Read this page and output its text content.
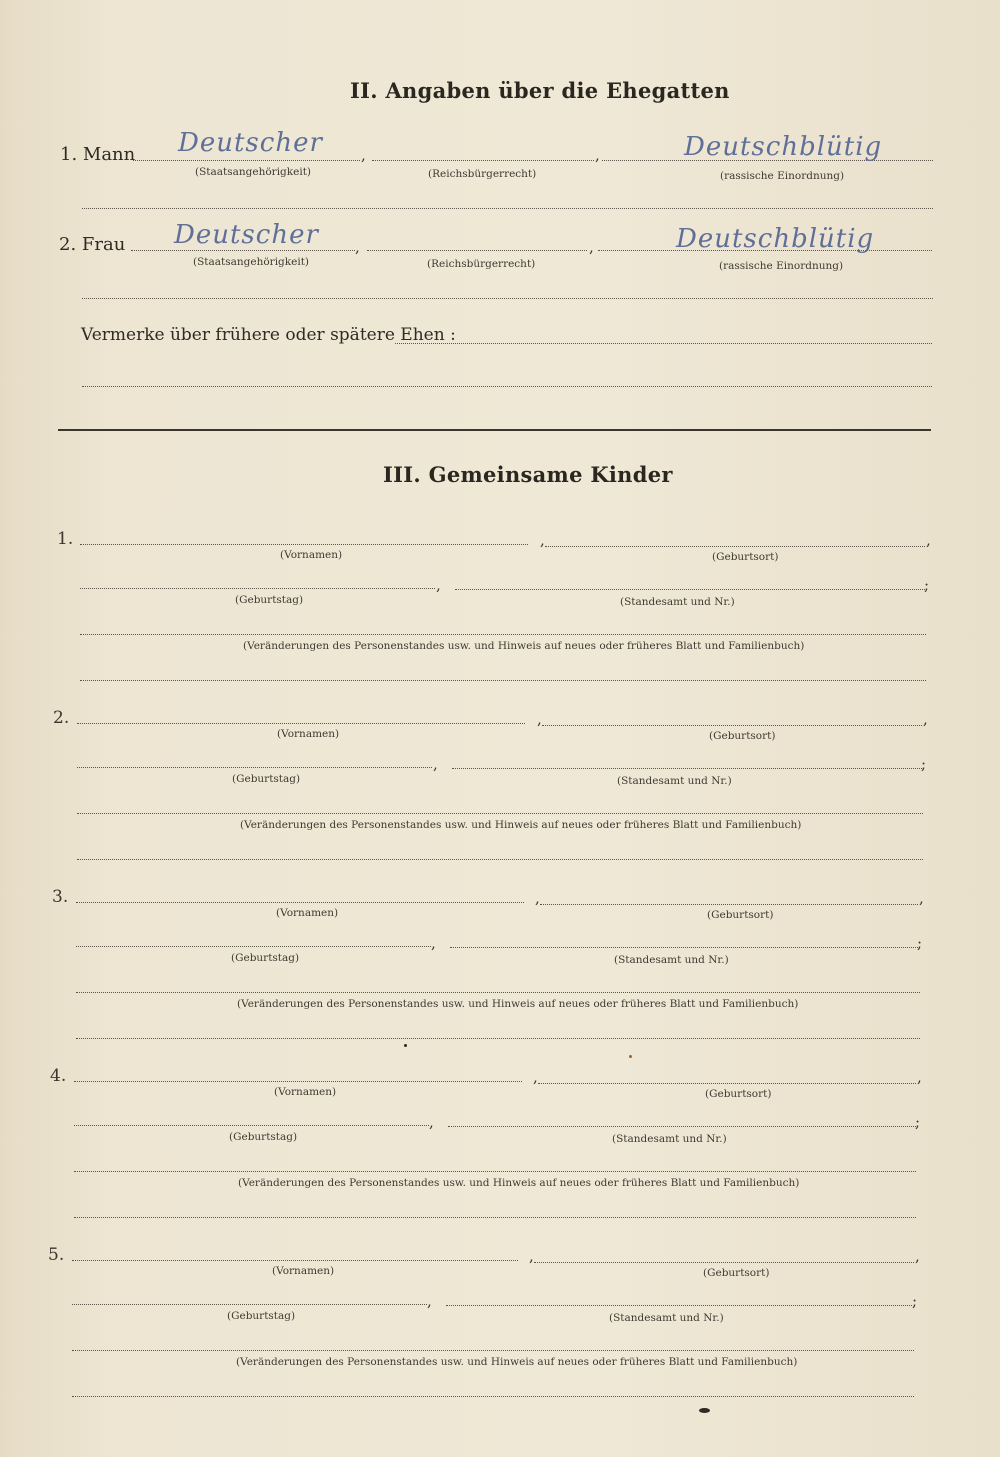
II. Angaben über die Ehegatten
1. Mann Deutscher	,	,	Deutschblütig
(Staatsangehörigkeit)	(Reichsbürgerrecht)	(rassische Einordnung)
2. Frau Deutscher ,	,	Deutschblütig
(Staatsangehörigkeit)	(Reichsbürgerrecht)	(rassische Einordnung)
Vermerke über frühere oder spätere Ehen :
III. Gemeinsame Kinder
1.	,	,
(Vornamen)	(Geburtsort)
,	;
(Geburtstag)	(Standesamt und Nr.)
(Veränderungen des Personenstandes usw. und Hinweis auf neues oder früheres Blatt und Familienbuch)
2.	,	,
(Vornamen)	(Geburtsort)
,	;
(Geburtstag)	(Standesamt und Nr.)
(Veränderungen des Personenstandes usw. und Hinweis auf neues oder früheres Blatt und Familienbuch)
3.	,	,
(Vornamen)	(Geburtsort)
,	;
(Geburtstag)	(Standesamt und Nr.)
(Veränderungen des Personenstandes usw. und Hinweis auf neues oder früheres Blatt und Familienbuch)
4.	,	,
(Vornamen)	(Geburtsort)
,	;
(Geburtstag)	(Standesamt und Nr.)
(Veränderungen des Personenstandes usw. und Hinweis auf neues oder früheres Blatt und Familienbuch)
5.	,	,
(Vornamen)	(Geburtsort)
,	;
(Geburtstag)	(Standesamt und Nr.)
(Veränderungen des Personenstandes usw. und Hinweis auf neues oder früheres Blatt und Familienbuch)
